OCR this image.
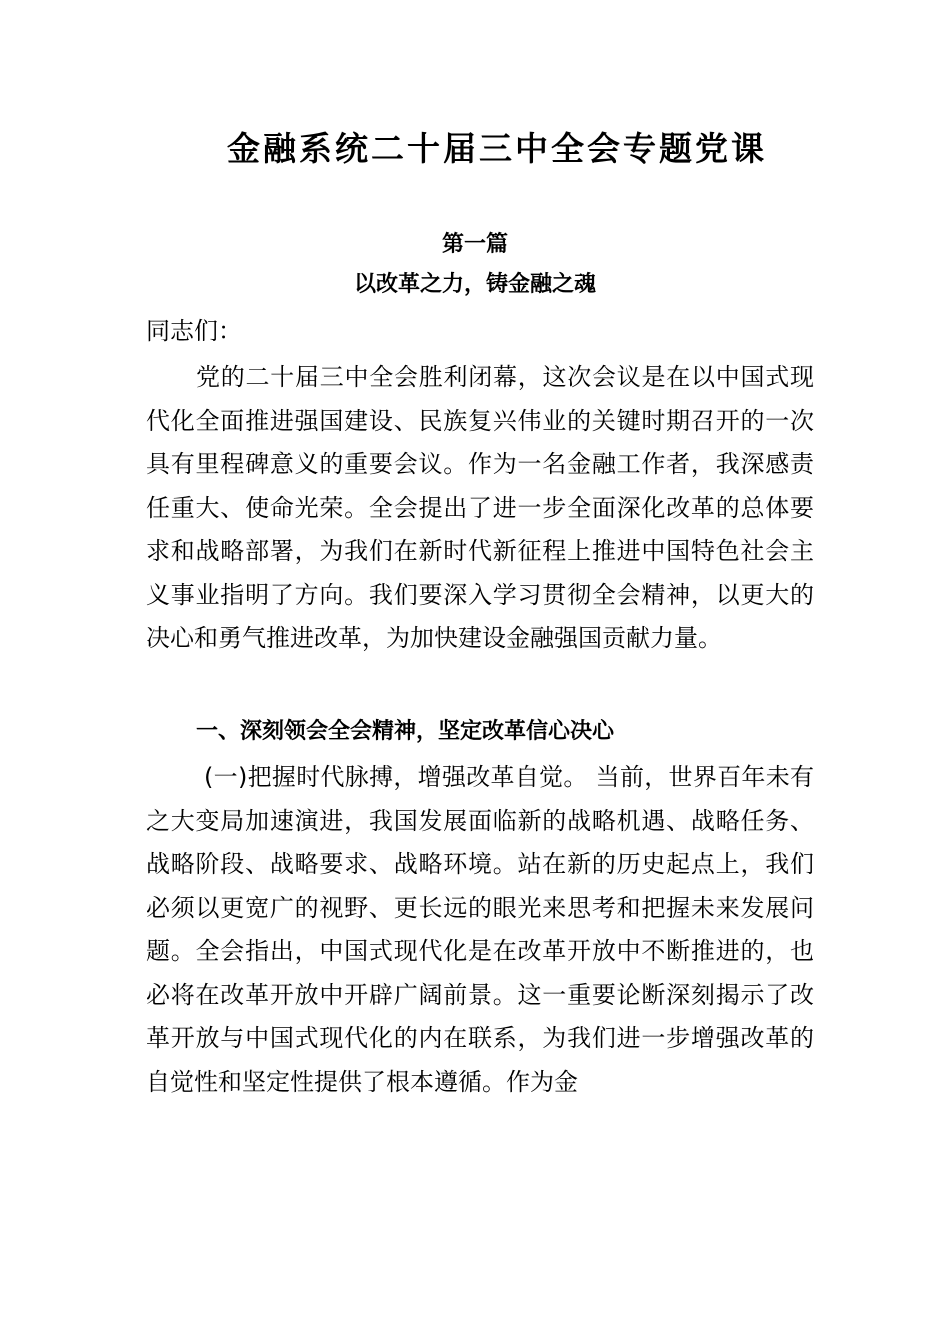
金融系统二十届三中全会专题党课
第一篇
以改革之力，铸金融之魂
同志们：
党的二十届三中全会胜利闭幕，这次会议是在以中国式现代化全面推进强国建设、民族复兴伟业的关键时期召开的一次具有里程碑意义的重要会议。作为一名金融工作者，我深感责任重大、使命光荣。全会提出了进一步全面深化改革的总体要求和战略部署，为我们在新时代新征程上推进中国特色社会主义事业指明了方向。我们要深入学习贯彻全会精神，以更大的决心和勇气推进改革，为加快建设金融强国贡献力量。
一、深刻领会全会精神，坚定改革信心决心
(一)把握时代脉搏，增强改革自觉。 当前，世界百年未有之大变局加速演进，我国发展面临新的战略机遇、战略任务、战略阶段、战略要求、战略环境。站在新的历史起点上，我们必须以更宽广的视野、更长远的眼光来思考和把握未来发展问题。全会指出，中国式现代化是在改革开放中不断推进的，也必将在改革开放中开辟广阔前景。这一重要论断深刻揭示了改革开放与中国式现代化的内在联系，为我们进一步增强改革的自觉性和坚定性提供了根本遵循。作为金
